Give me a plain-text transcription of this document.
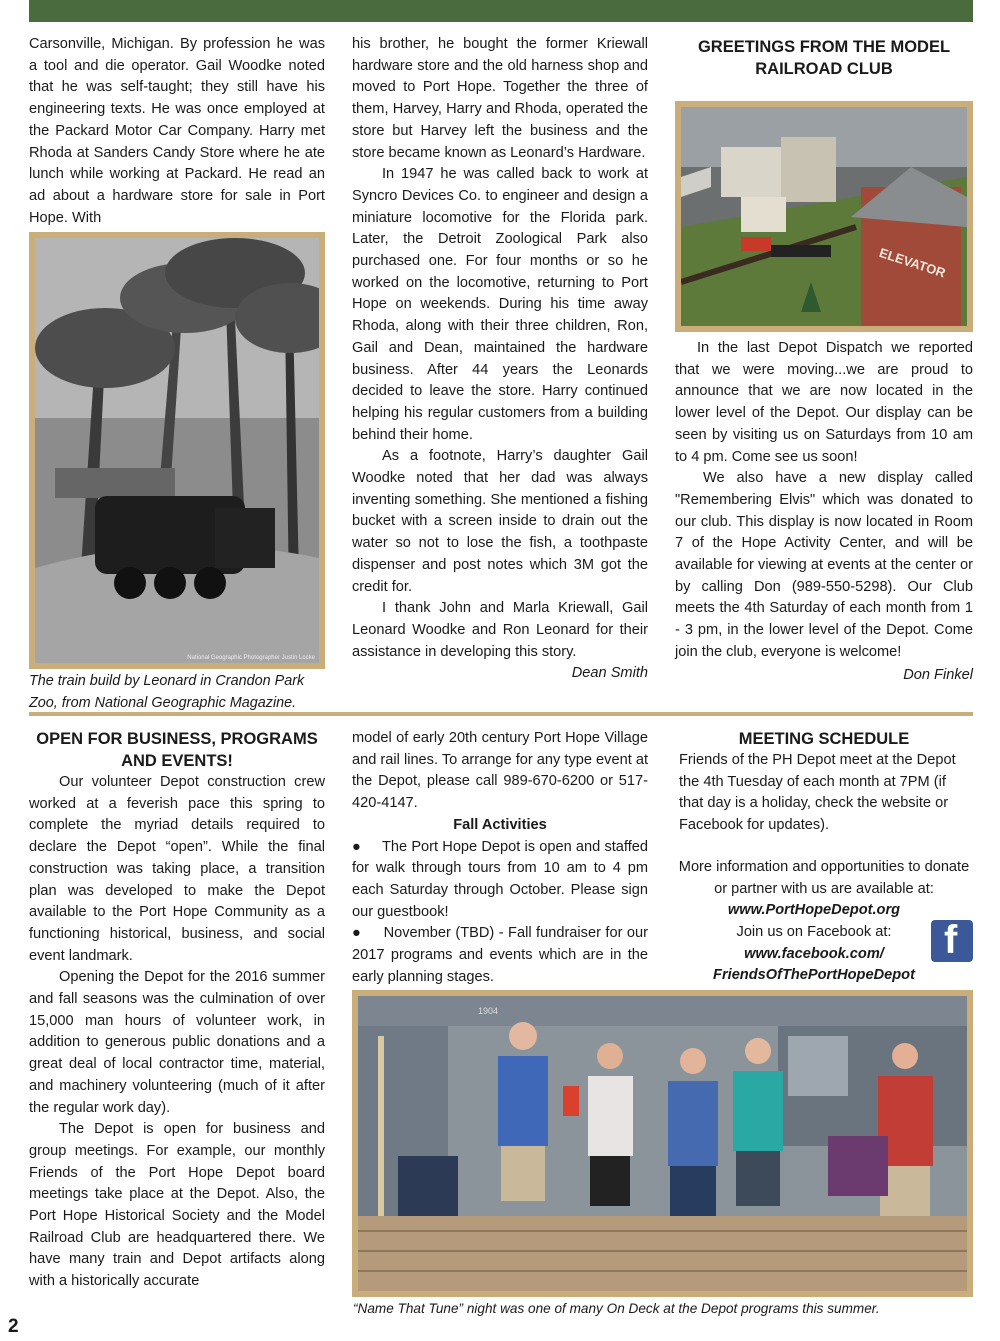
Carsonville, Michigan. By profession he was a tool and die operator. Gail Woodke noted that he was self-taught; they still have his engineering texts. He was once employed at the Packard Motor Car Company. Harry met Rhoda at Sanders Candy Store where he ate lunch while working at Packard. He read an ad about a hardware store for sale in Port Hope. With

National Geographic Photographer Justin Locke
The train build by Leonard in Crandon Park Zoo, from National Geographic Magazine.

his brother, he bought the former Kriewall hardware store and the old harness shop and moved to Port Hope. Together the three of them, Harvey, Harry and Rhoda, operated the store but Harvey left the business and the store became known as Leonard’s Hardware.

In 1947 he was called back to work at Syncro Devices Co. to engineer and design a miniature locomotive for the Florida park. Later, the Detroit Zoological Park also purchased one. For four months or so he worked on the locomotive, returning to Port Hope on weekends. During his time away Rhoda, along with their three children, Ron, Gail and Dean, maintained the hardware business. After 44 years the Leonards decided to leave the store. Harry continued helping his regular customers from a building behind their home.

As a footnote, Harry’s daughter Gail Woodke noted that her dad was always inventing something. She mentioned a fishing bucket with a screen inside to drain out the water so not to lose the fish, a toothpaste dispenser and post notes which 3M got the credit for.

I thank John and Marla Kriewall, Gail Leonard Woodke and Ron Leonard for their assistance in developing this story.

Dean Smith

GREETINGS FROM THE MODEL RAILROAD CLUB
ELEVATOR

In the last Depot Dispatch we reported that we were moving...we are proud to announce that we are now located in the lower level of the Depot. Our display can be seen by visiting us on Saturdays from 10 am to 4 pm. Come see us soon!

We also have a new display called "Remembering Elvis" which was donated to our club. This display is now located in Room 7 of the Hope Activity Center, and will be available for viewing at events at the center or by calling Don (989-550-5298). Our Club meets the 4th Saturday of each month from 1 - 3 pm, in the lower level of the Depot. Come join the club, everyone is welcome!

Don Finkel

OPEN FOR BUSINESS, PROGRAMS AND EVENTS!

Our volunteer Depot construction crew worked at a feverish pace this spring to complete the myriad details required to declare the Depot “open”. While the final construction was taking place, a transition plan was developed to make the Depot available to the Port Hope Community as a functioning historical, business, and social event landmark.

Opening the Depot for the 2016 summer and fall seasons was the culmination of over 15,000 man hours of volunteer work, in addition to generous public donations and a great deal of local contractor time, material, and machinery volunteering (much of it after the regular work day).

The Depot is open for business and group meetings. For example, our monthly Friends of the Port Hope Depot board meetings take place at the Depot. Also, the Port Hope Historical Society and the Model Railroad Club are headquartered there. We have many train and Depot artifacts along with a historically accurate

model of early 20th century Port Hope Village and rail lines. To arrange for any type event at the Depot, please call 989-670-6200 or 517-420-4147.

Fall Activities

● The Port Hope Depot is open and staffed for walk through tours from 10 am to 4 pm each Saturday through October. Please sign our guestbook!

● November (TBD) - Fall fundraiser for our 2017 programs and events which are in the early planning stages.

MEETING SCHEDULE

Friends of the PH Depot meet at the Depot the 4th Tuesday of each month at 7PM (if that day is a holiday, check the website or Facebook for updates).

More information and opportunities to donate or partner with us are available at:

www.PortHopeDepot.org

Join us on Facebook at:

www.facebook.com/

FriendsOfThePortHopeDepot

f
1904
“Name That Tune” night was one of many On Deck at the Depot programs this summer.
2
